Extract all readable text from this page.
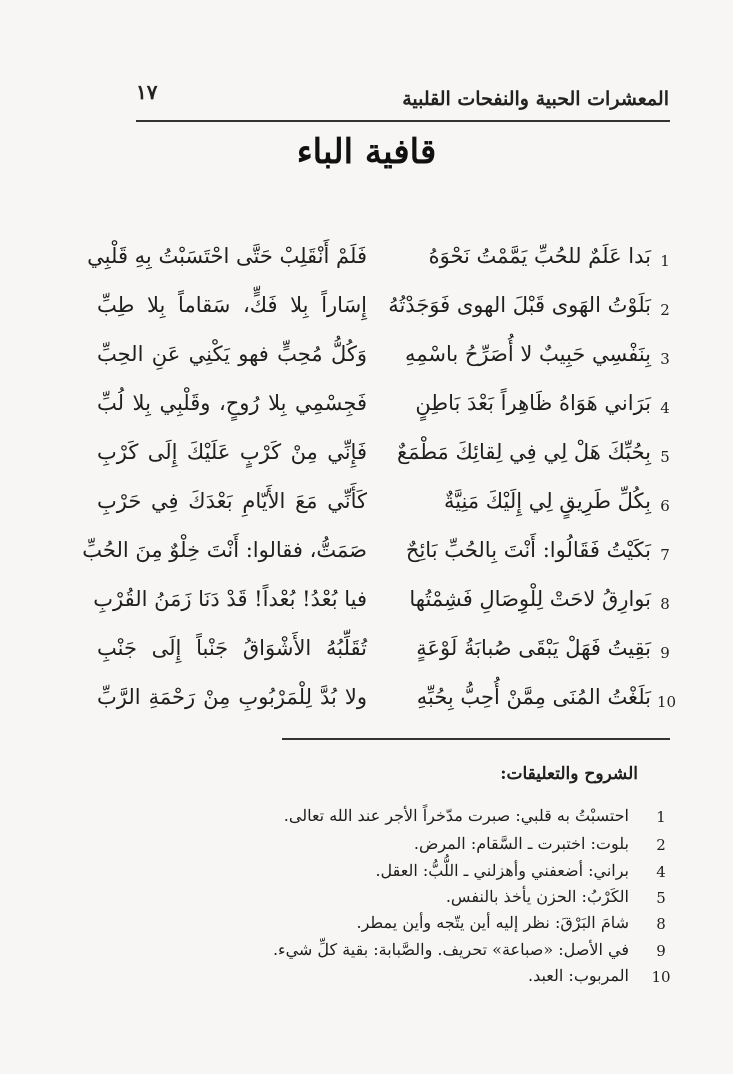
المعشرات الحبية والنفحات القلبية
١٧
قافية الباء
1
بَدا عَلَمٌ للحُبِّ يَمَّمْتُ نَحْوَهُ
فَلَمْ أَنْقَلِبْ حَتَّى احْتَسَبْتُ بِهِ قَلْبِي
2
بَلَوْتُ الهَوى قَبْلَ الهوى فَوَجَدْتُهُ
إِسَاراً بِلا فَكٍّ، سَقاماً بِلا طِبِّ
3
بِنَفْسِي حَبِيبٌ لا أُصَرِّحُ باسْمِهِ
وَكُلُّ مُحِبٍّ فهو يَكْنِي عَنِ الحِبِّ
4
بَرَاني هَوَاهُ ظَاهِراً بَعْدَ بَاطِنٍ
فَجِسْمِي بِلا رُوحٍ، وقَلْبِي بِلا لُبِّ
5
بِحُبِّكَ هَلْ لِي فِي لِقائِكَ مَطْمَعٌ
فَإِنِّي مِنْ كَرْبٍ عَلَيْكَ إِلَى كَرْبِ
6
بِكُلِّ طَرِيقٍ لِي إِلَيْكَ مَنِيَّةٌ
كَأَنِّي مَعَ الأَيّامِ بَعْدَكَ فِي حَرْبِ
7
بَكَيْتُ فَقَالُوا: أَنْتَ بِالحُبِّ بَائِحٌ
صَمَتُّ، فقالوا: أَنْتَ خِلْوٌ مِنَ الحُبِّ
8
بَوارِقُ لاحَتْ لِلْوِصَالِ فَشِمْتُها
فيا بُعْدُ! بُعْداً! قَدْ دَنَا زَمَنُ القُرْبِ
9
بَقِيتُ فَهَلْ يَبْقَى صُبابَةُ لَوْعَةٍ
تُقَلِّبُهُ الأَشْوَاقُ جَنْباً إِلَى جَنْبِ
10
بَلَغْتُ المُنَى مِمَّنْ أُحِبُّ بِحُبِّهِ
ولا بُدَّ لِلْمَرْبُوبِ مِنْ رَحْمَةِ الرَّبِّ
الشروح والتعليقات:
1
احتسبْتُ به قلبي: صبرت مدّخراً الأجر عند الله تعالى.
2
بلوت: اختبرت ـ السَّقام: المرض.
4
براني: أضعفني وأهزلني ـ اللُّبُّ: العقل.
5
الكَرْبُ: الحزن يأخذ بالنفس.
8
شامَ البَرْقَ: نظر إليه أين يتّجه وأين يمطر.
9
في الأصل: «صباعة» تحريف. والصَّبابة: بقية كلِّ شيء.
10
المربوب: العبد.
